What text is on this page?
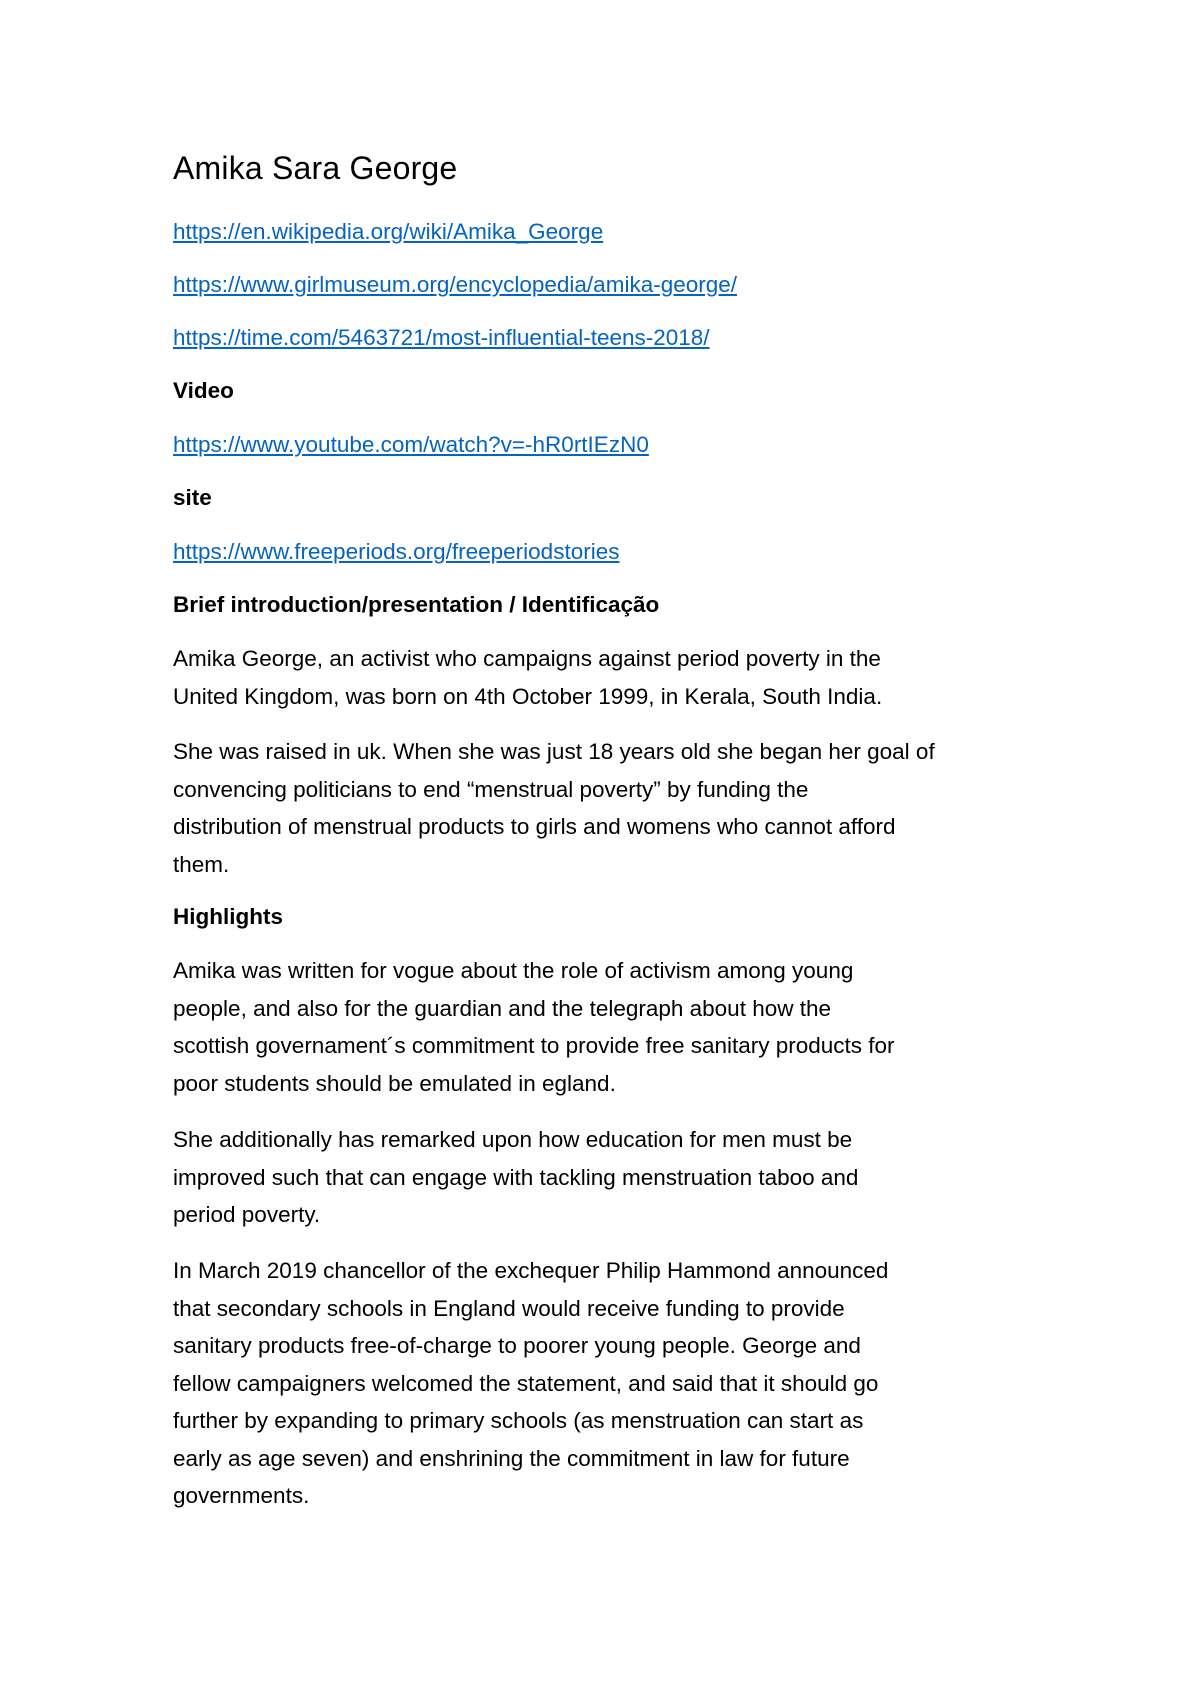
Amika Sara George

https://en.wikipedia.org/wiki/Amika_George

https://www.girlmuseum.org/encyclopedia/amika-george/

https://time.com/5463721/most-influential-teens-2018/

Video

https://www.youtube.com/watch?v=-hR0rtIEzN0

site

https://www.freeperiods.org/freeperiodstories

Brief introduction/presentation / Identificação

Amika George, an activist who campaigns against period poverty in the
United Kingdom, was born on 4th October 1999, in Kerala, South India.
She was raised in uk. When she was just 18 years old she began her goal of
convencing politicians to end “menstrual poverty” by funding the
distribution of menstrual products to girls and womens who cannot afford
them.

Highlights

Amika was written for vogue about the role of activism among young
people, and also for the guardian and the telegraph about how the
scottish governament´s commitment to provide free sanitary products for
poor students should be emulated in egland.
She additionally has remarked upon how education for men must be
improved such that can engage with tackling menstruation taboo and
period poverty.
In March 2019 chancellor of the exchequer Philip Hammond announced
that secondary schools in England would receive funding to provide
sanitary products free-of-charge to poorer young people. George and
fellow campaigners welcomed the statement, and said that it should go
further by expanding to primary schools (as menstruation can start as
early as age seven) and enshrining the commitment in law for future
governments.
